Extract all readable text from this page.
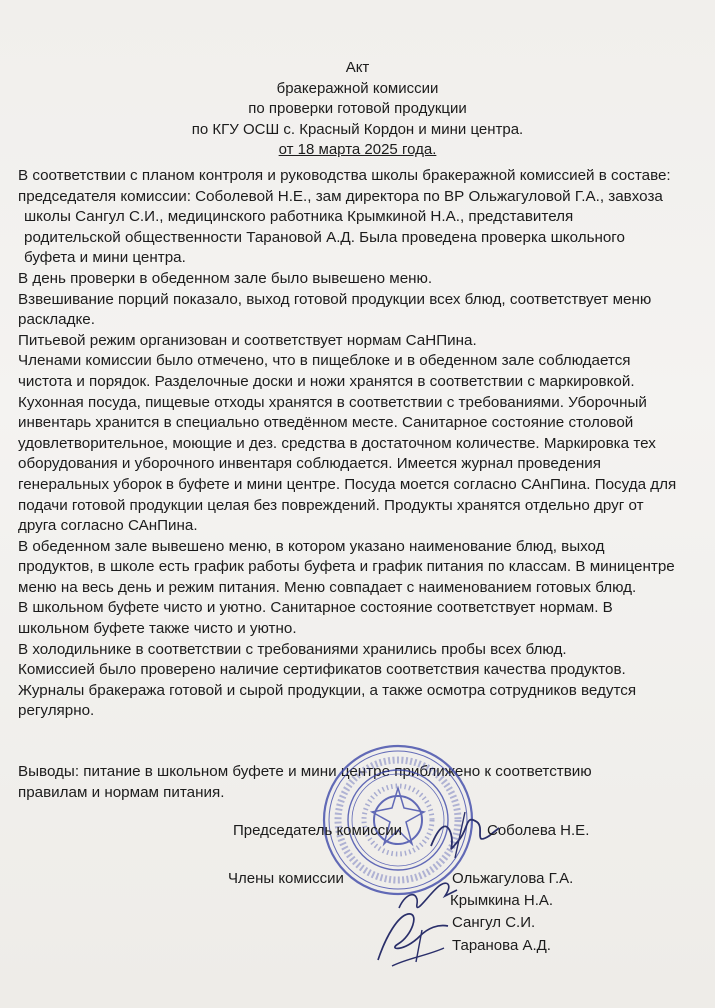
Акт
бракеражной комиссии
по проверки готовой продукции
по КГУ ОСШ с. Красный Кордон и мини центра.
от 18 марта 2025 года.

В соответствии с планом контроля и руководства школы бракеражной комиссией в составе:

председателя комиссии: Соболевой Н.Е., зам директора по ВР Ольжагуловой Г.А., завхоза

школы Сангул С.И., медицинского работника Крымкиной Н.А., представителя

родительской общественности Тарановой А.Д. Была проведена проверка школьного

буфета и мини центра.

В день проверки в обеденном зале было вывешено меню.

Взвешивание порций показало, выход готовой продукции всех блюд, соответствует меню

раскладке.

Питьевой режим организован и соответствует нормам СаНПина.

Членами комиссии было отмечено, что в пищеблоке и в обеденном зале соблюдается

чистота и порядок. Разделочные доски и ножи хранятся в соответствии с маркировкой.

Кухонная посуда, пищевые отходы хранятся в соответствии с требованиями. Уборочный

инвентарь хранится в специально отведённом месте. Санитарное состояние столовой

удовлетворительное, моющие и дез. средства в достаточном количестве. Маркировка тех

оборудования и уборочного инвентаря соблюдается. Имеется журнал проведения

генеральных уборок в буфете и мини центре. Посуда моется согласно САнПина. Посуда для

подачи готовой продукции целая без повреждений. Продукты хранятся отдельно друг от

друга согласно САнПина.

В обеденном зале вывешено меню, в котором указано наименование блюд, выход

продуктов, в школе есть график работы буфета и график питания по классам. В миницентре

меню на весь день и режим питания. Меню совпадает с наименованием готовых блюд.

В школьном буфете чисто и уютно. Санитарное состояние соответствует нормам. В

школьном буфете также чисто и уютно.

В холодильнике в соответствии с требованиями хранились пробы всех блюд.

Комиссией было проверено наличие сертификатов соответствия качества продуктов.

Журналы бракеража готовой и сырой продукции, а также осмотра сотрудников ведутся

регулярно.

Выводы: питание в школьном буфете и мини центре приближено к соответствию

правилам и нормам питания.

Председатель комиссии	Соболева Н.Е.
Члены комиссии	Ольжагулова Г.А.
Крымкина Н.А.
Сангул С.И.
Таранова А.Д.
